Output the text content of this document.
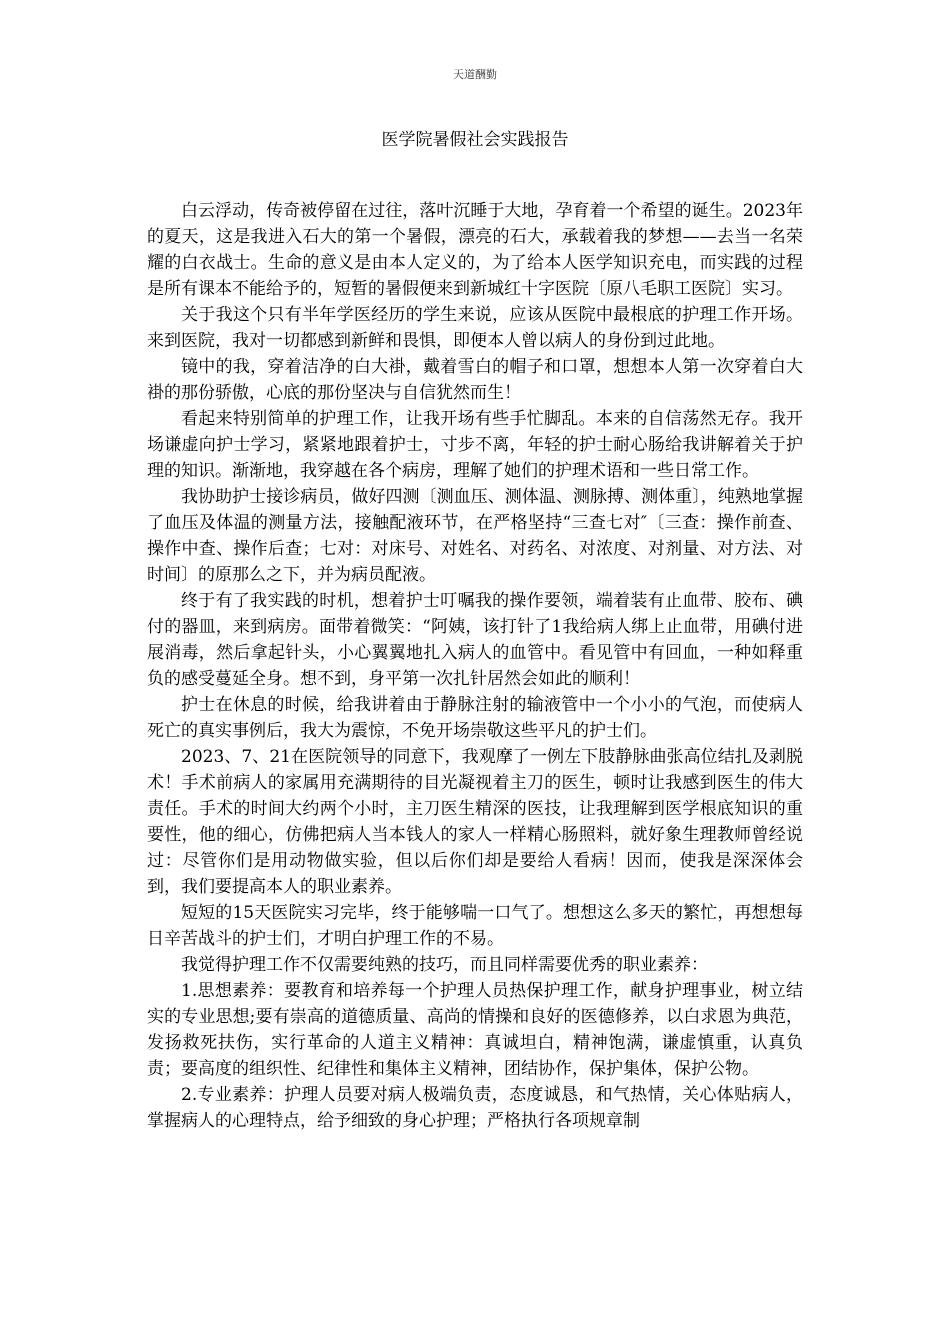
天道酬勤
医学院暑假社会实践报告

白云浮动，传奇被停留在过往，落叶沉睡于大地，孕育着一个希望的诞生。2023年的夏天，这是我进入石大的第一个暑假，漂亮的石大，承载着我的梦想——去当一名荣耀的白衣战士。生命的意义是由本人定义的，为了给本人医学知识充电，而实践的过程是所有课本不能给予的，短暂的暑假便来到新城红十字医院〔原八毛职工医院〕实习。

关于我这个只有半年学医经历的学生来说，应该从医院中最根底的护理工作开场。来到医院，我对一切都感到新鲜和畏惧，即便本人曾以病人的身份到过此地。

镜中的我，穿着洁净的白大褂，戴着雪白的帽子和口罩，想想本人第一次穿着白大褂的那份骄傲，心底的那份坚决与自信犹然而生！

看起来特别简单的护理工作，让我开场有些手忙脚乱。本来的自信荡然无存。我开场谦虚向护士学习，紧紧地跟着护士，寸步不离，年轻的护士耐心肠给我讲解着关于护理的知识。渐渐地，我穿越在各个病房，理解了她们的护理术语和一些日常工作。

我协助护士接诊病员，做好四测〔测血压、测体温、测脉搏、测体重〕，纯熟地掌握了血压及体温的测量方法，接触配液环节，在严格坚持“三查七对″〔三查：操作前查、操作中查、操作后查；七对：对床号、对姓名、对药名、对浓度、对剂量、对方法、对时间〕的原那么之下，并为病员配液。

终于有了我实践的时机，想着护士叮嘱我的操作要领，端着装有止血带、胶布、碘付的器皿，来到病房。面带着微笑：“阿姨，该打针了1我给病人绑上止血带，用碘付进展消毒，然后拿起针头，小心翼翼地扎入病人的血管中。看见管中有回血，一种如释重负的感受蔓延全身。想不到，身平第一次扎针居然会如此的顺利！

护士在休息的时候，给我讲着由于静脉注射的输液管中一个小小的气泡，而使病人死亡的真实事例后，我大为震惊，不免开场崇敬这些平凡的护士们。

2023、7、21在医院领导的同意下，我观摩了一例左下肢静脉曲张高位结扎及剥脱术！手术前病人的家属用充满期待的目光凝视着主刀的医生，顿时让我感到医生的伟大责任。手术的时间大约两个小时，主刀医生精深的医技，让我理解到医学根底知识的重要性，他的细心，仿佛把病人当本钱人的家人一样精心肠照料，就好象生理教师曾经说过：尽管你们是用动物做实验，但以后你们却是要给人看病！因而，使我是深深体会到，我们要提高本人的职业素养。

短短的15天医院实习完毕，终于能够喘一口气了。想想这么多天的繁忙，再想想每日辛苦战斗的护士们，才明白护理工作的不易。

我觉得护理工作不仅需要纯熟的技巧，而且同样需要优秀的职业素养：

1.思想素养：要教育和培养每一个护理人员热保护理工作，献身护理事业，树立结实的专业思想;要有崇高的道德质量、高尚的情操和良好的医德修养，以白求恩为典范，发扬救死扶伤，实行革命的人道主义精神：真诚坦白，精神饱满，谦虚慎重，认真负责；要高度的组织性、纪律性和集体主义精神，团结协作，保护集体，保护公物。

2.专业素养：护理人员要对病人极端负责，态度诚恳，和气热情，关心体贴病人，掌握病人的心理特点，给予细致的身心护理；严格执行各项规章制
